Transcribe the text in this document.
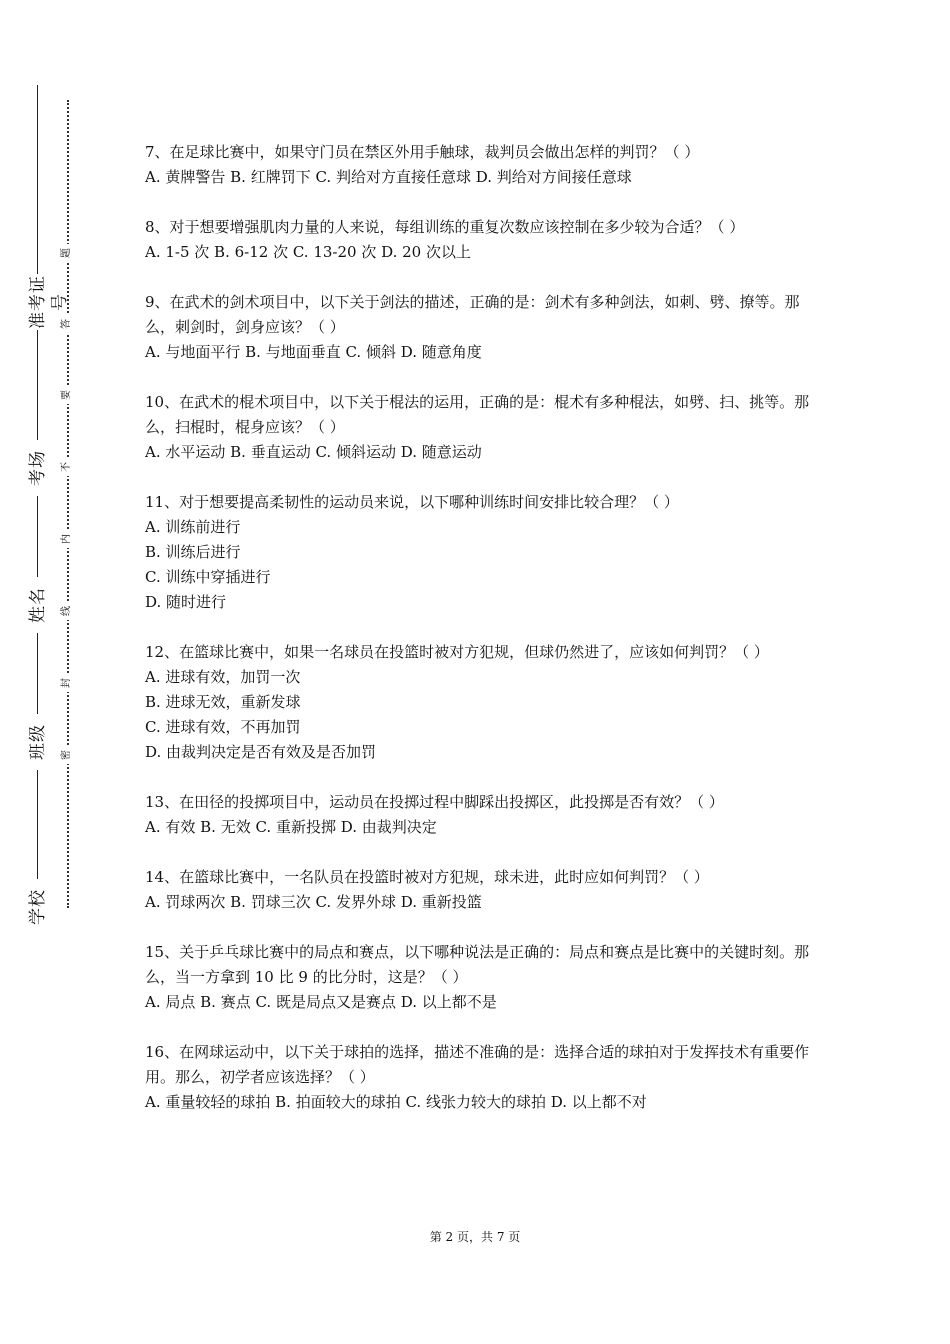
准考证号
考场
姓名
班级
学校
题
答
要
不
内
线
封
密

7、在足球比赛中，如果守门员在禁区外用手触球，裁判员会做出怎样的判罚？（ ）

A. 黄牌警告 B. 红牌罚下 C. 判给对方直接任意球 D. 判给对方间接任意球

8、对于想要增强肌肉力量的人来说，每组训练的重复次数应该控制在多少较为合适？（ ）

A. 1-5 次 B. 6-12 次 C. 13-20 次 D. 20 次以上

9、在武术的剑术项目中，以下关于剑法的描述，正确的是：剑术有多种剑法，如刺、劈、撩等。那么，刺剑时，剑身应该？（ ）

A. 与地面平行 B. 与地面垂直 C. 倾斜 D. 随意角度

10、在武术的棍术项目中，以下关于棍法的运用，正确的是：棍术有多种棍法，如劈、扫、挑等。那么，扫棍时，棍身应该？（ ）

A. 水平运动 B. 垂直运动 C. 倾斜运动 D. 随意运动

11、对于想要提高柔韧性的运动员来说，以下哪种训练时间安排比较合理？（ ）

A. 训练前进行

B. 训练后进行

C. 训练中穿插进行

D. 随时进行

12、在篮球比赛中，如果一名球员在投篮时被对方犯规，但球仍然进了，应该如何判罚？（ ）

A. 进球有效，加罚一次

B. 进球无效，重新发球

C. 进球有效，不再加罚

D. 由裁判决定是否有效及是否加罚

13、在田径的投掷项目中，运动员在投掷过程中脚踩出投掷区，此投掷是否有效？（ ）

A. 有效 B. 无效 C. 重新投掷 D. 由裁判决定

14、在篮球比赛中，一名队员在投篮时被对方犯规，球未进，此时应如何判罚？（ ）

A. 罚球两次 B. 罚球三次 C. 发界外球 D. 重新投篮

15、关于乒乓球比赛中的局点和赛点，以下哪种说法是正确的：局点和赛点是比赛中的关键时刻。那么，当一方拿到 10 比 9 的比分时，这是？（ ）

A. 局点 B. 赛点 C. 既是局点又是赛点 D. 以上都不是

16、在网球运动中，以下关于球拍的选择，描述不准确的是：选择合适的球拍对于发挥技术有重要作用。那么，初学者应该选择？（ ）

A. 重量较轻的球拍 B. 拍面较大的球拍 C. 线张力较大的球拍 D. 以上都不对

第 2 页，共 7 页
